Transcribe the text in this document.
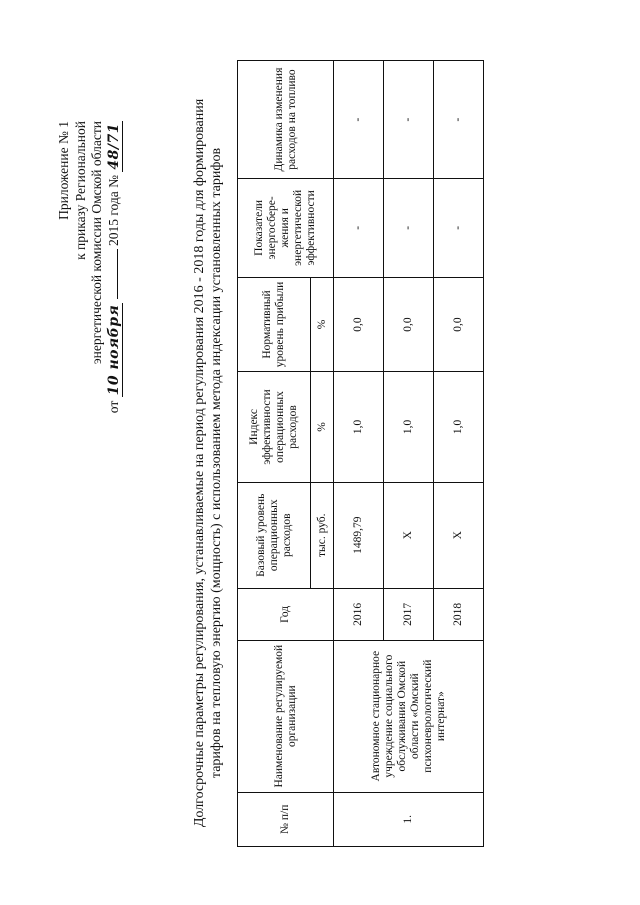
Приложение № 1 к приказу Региональной энергетической комиссии Омской области
от 10 ноября  2015 года № 48/71	Долгосрочные параметры регулирования, устанавливаемые на период регулирования 2016 - 2018 годы для формирования тарифов на тепловую энергию (мощность) с использованием метода индексации установленных тарифов
№ п/п	Наименование регулируемой организации	Год	Базовый уровень операционных расходов	Индекс эффективности операционных расходов	Нормативный уровень прибыли	Показатели энергосбере-жения и энергетической эффективности	Динамика изменения расходов на топливо
			тыс. руб.	%	%		
1.	Автономное стационарное учреждение социального обслуживания Омской области «Омский психоневрологический интернат»	2016	1489,79	1,0	0,0	-	-
		2017	Х	1,0	0,0	-	-
		2018	Х	1,0	0,0	-	-
